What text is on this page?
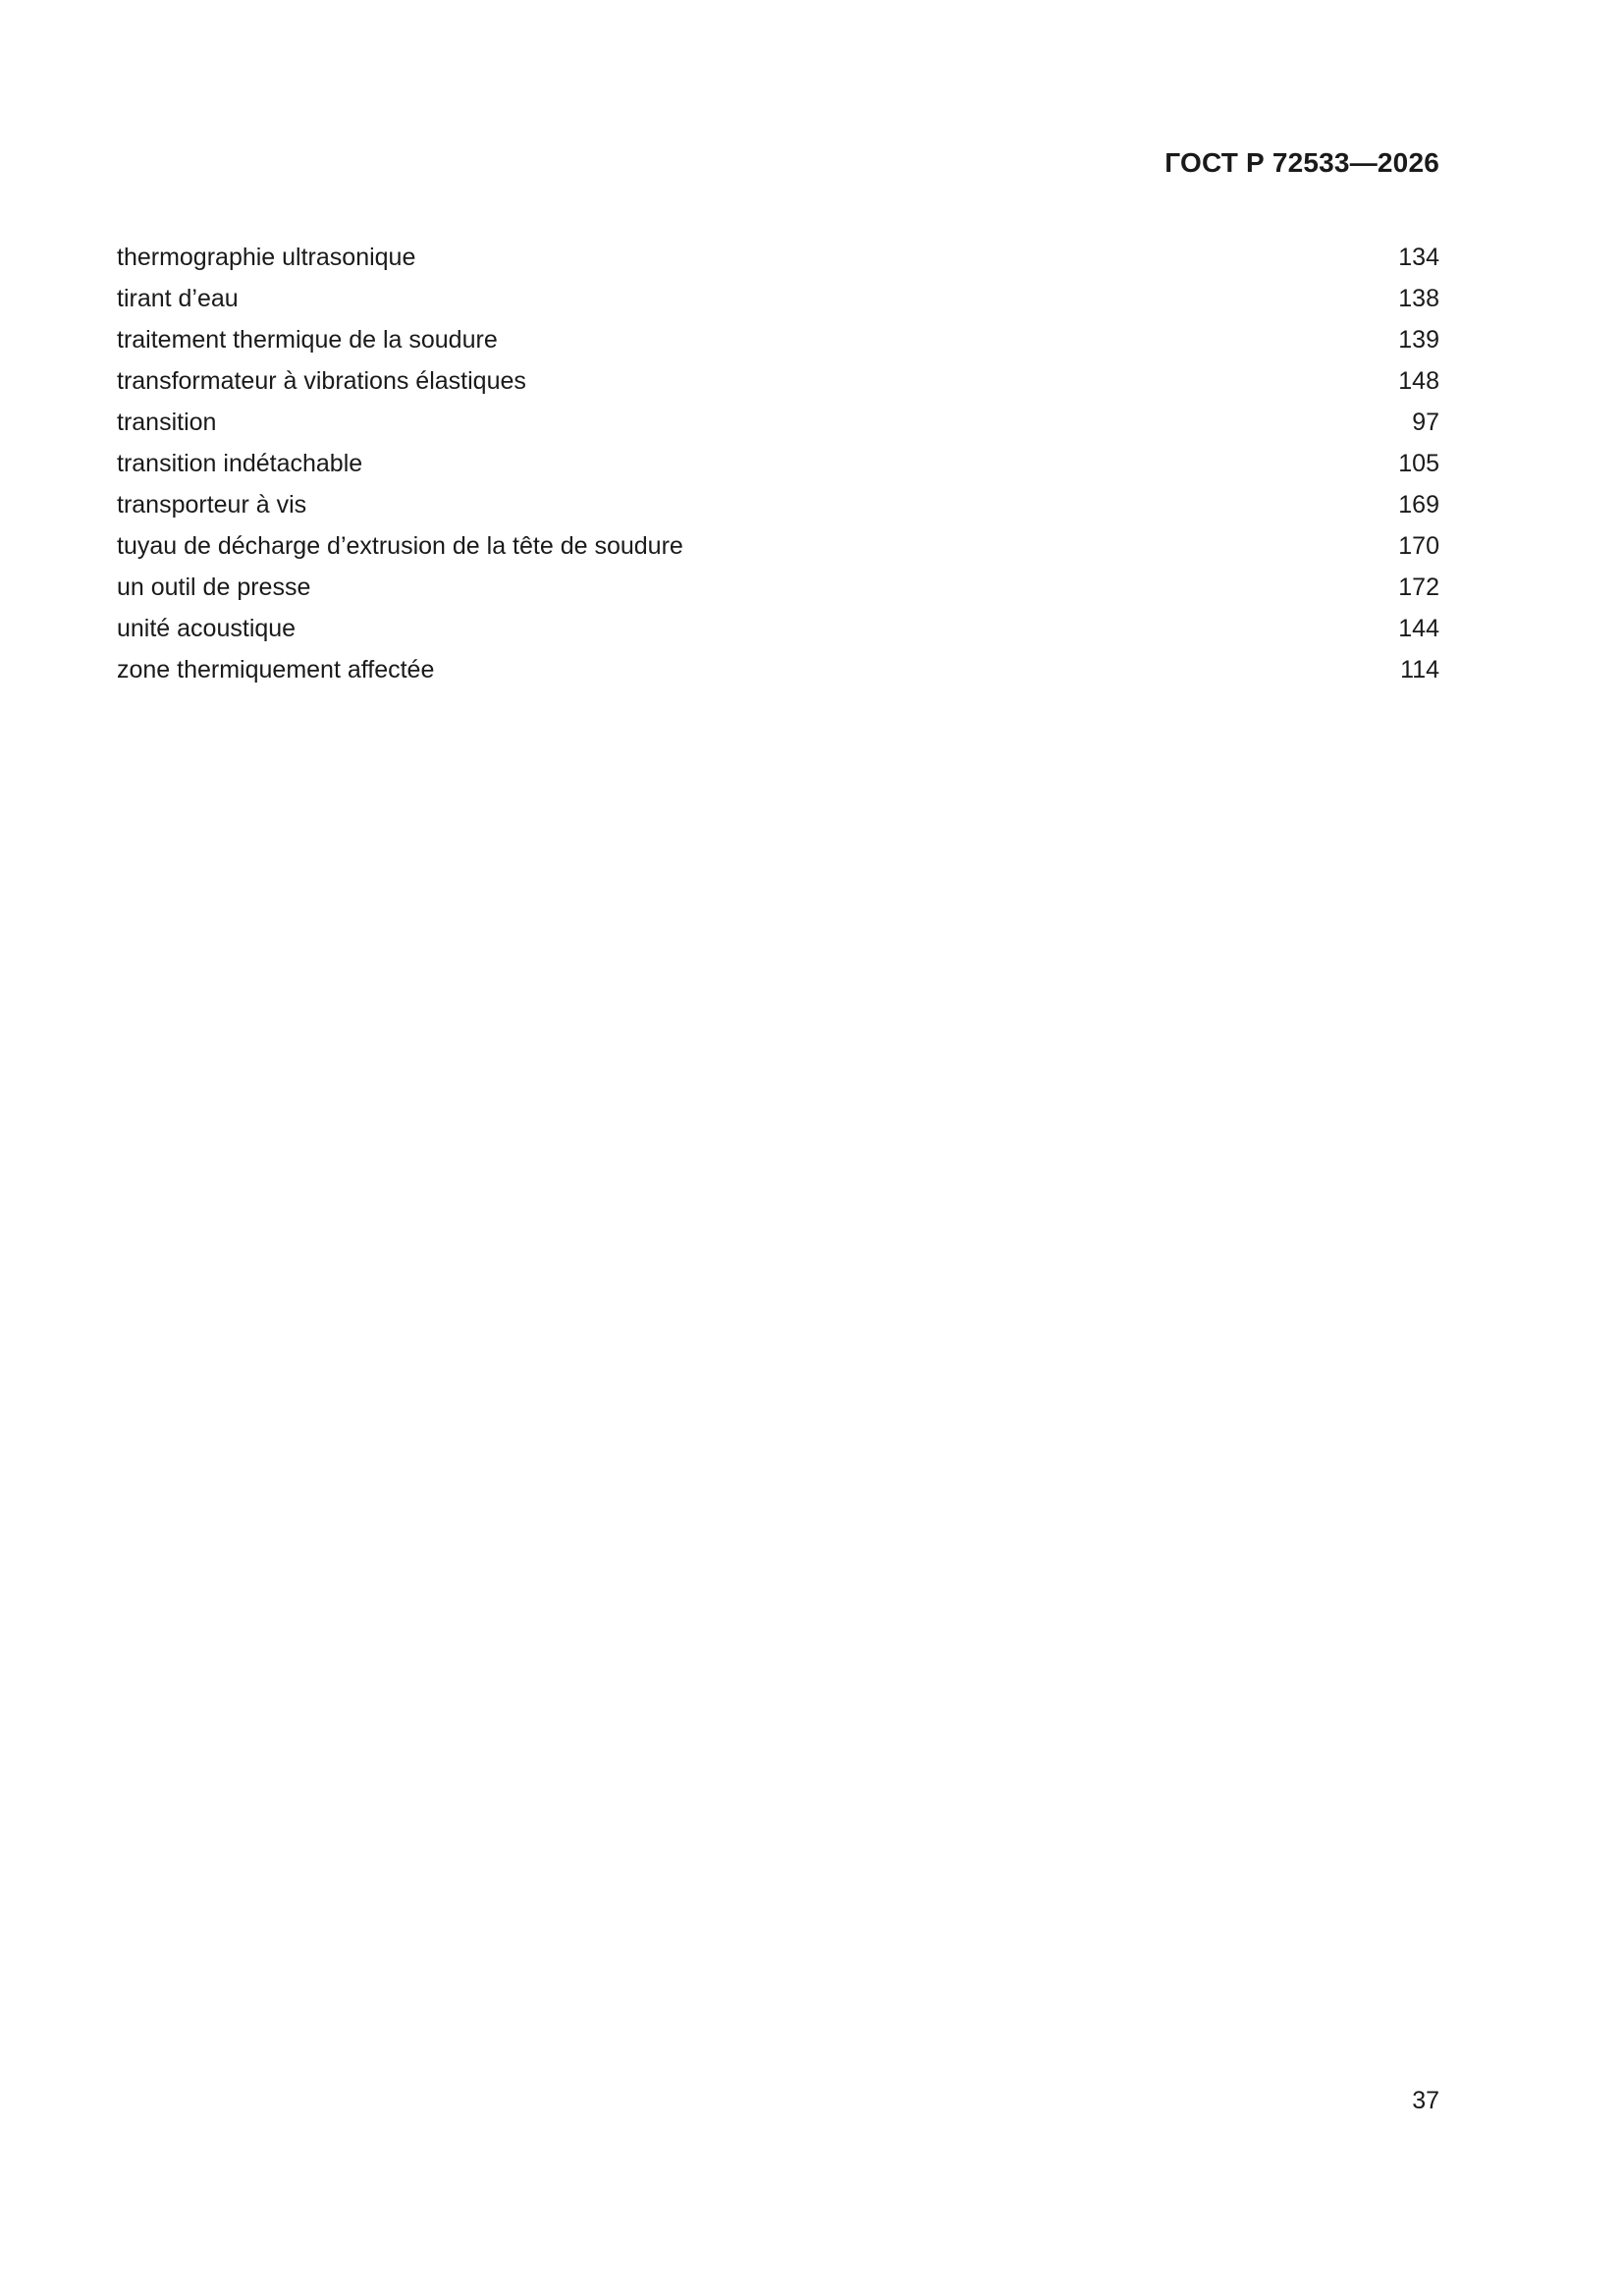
ГОСТ Р 72533—2026
thermographie ultrasonique	134
tirant d’eau	138
traitement thermique de la soudure	139
transformateur à vibrations élastiques	148
transition	97
transition indétachable	105
transporteur à vis	169
tuyau de décharge d’extrusion de la tête de soudure	170
un outil de presse	172
unité acoustique	144
zone thermiquement affectée	114
37
